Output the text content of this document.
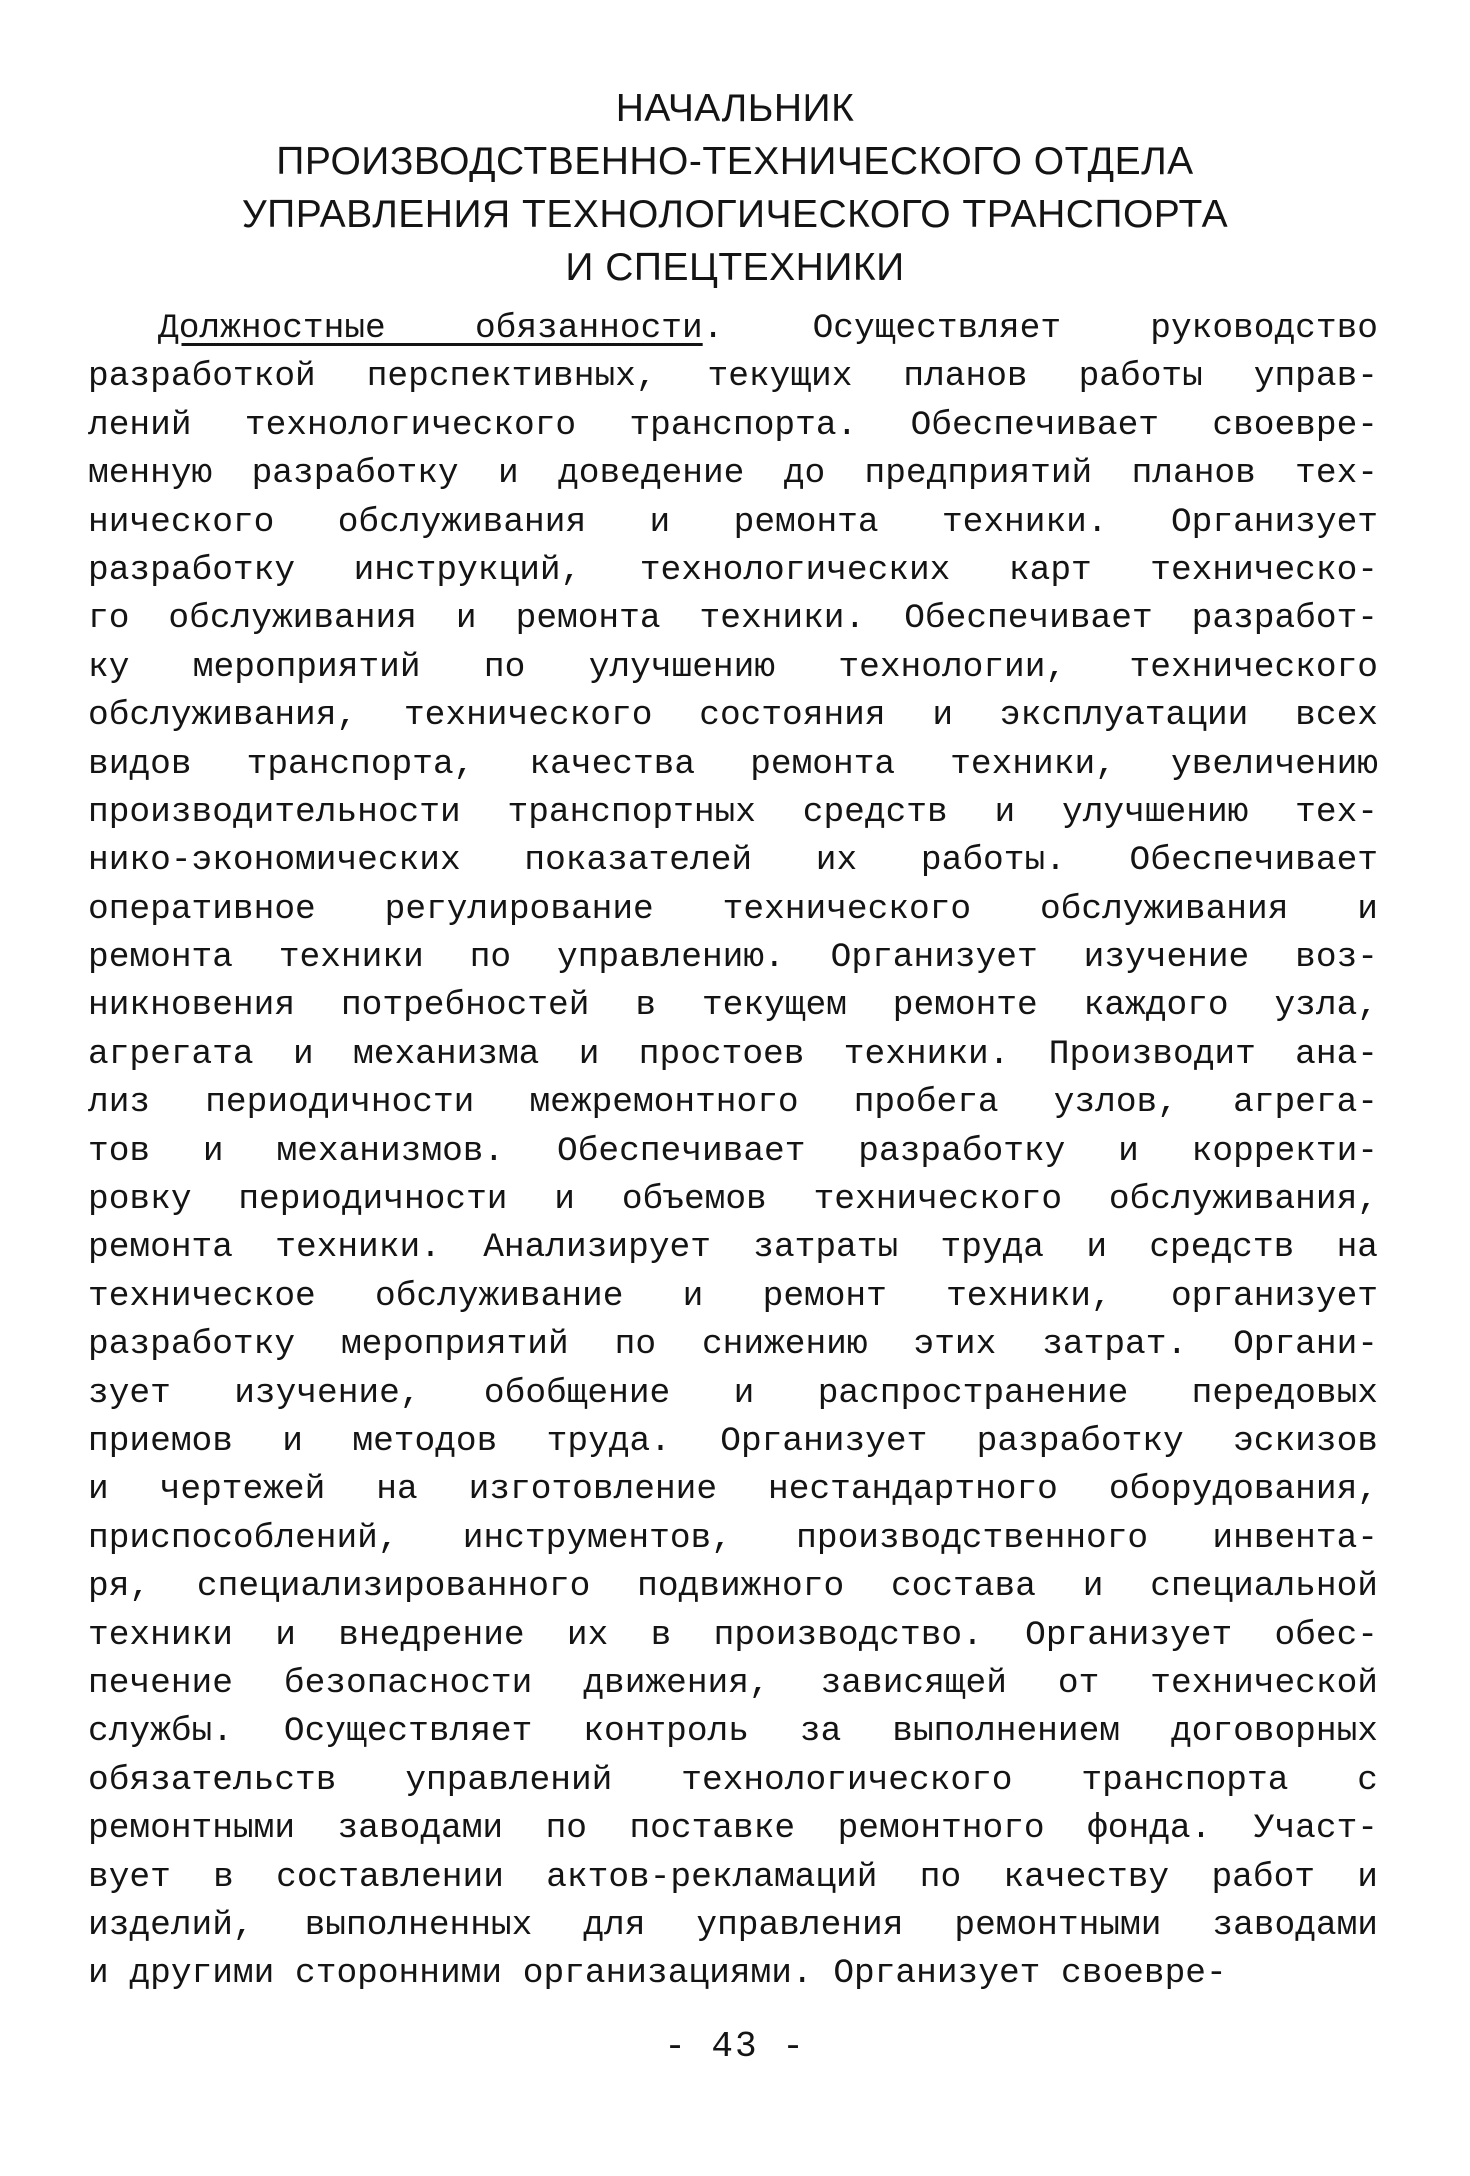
НАЧАЛЬНИК
ПРОИЗВОДСТВЕННО-ТЕХНИЧЕСКОГО ОТДЕЛА
УПРАВЛЕНИЯ ТЕХНОЛОГИЧЕСКОГО ТРАНСПОРТА
И СПЕЦТЕХНИКИ
Должностные обязанности. Осуществляет руководство
разработкой перспективных, текущих планов работы управ-
лений технологического транспорта. Обеспечивает своевре-
менную разработку и доведение до предприятий планов тех-
нического обслуживания и ремонта техники. Организует
разработку инструкций, технологических карт техническо-
го обслуживания и ремонта техники. Обеспечивает разработ-
ку мероприятий по улучшению технологии, технического
обслуживания, технического состояния и эксплуатации всех
видов транспорта, качества ремонта техники, увеличению
производительности транспортных средств и улучшению тех-
нико-экономических показателей их работы. Обеспечивает
оперативное регулирование технического обслуживания и
ремонта техники по управлению. Организует изучение воз-
никновения потребностей в текущем ремонте каждого узла,
агрегата и механизма и простоев техники. Производит ана-
лиз периодичности межремонтного пробега узлов, агрега-
тов и механизмов. Обеспечивает разработку и корректи-
ровку периодичности и объемов технического обслуживания,
ремонта техники. Анализирует затраты труда и средств на
техническое обслуживание и ремонт техники, организует
разработку мероприятий по снижению этих затрат. Органи-
зует изучение, обобщение и распространение передовых
приемов и методов труда. Организует разработку эскизов
и чертежей на изготовление нестандартного оборудования,
приспособлений, инструментов, производственного инвента-
ря, специализированного подвижного состава и специальной
техники и внедрение их в производство. Организует обес-
печение безопасности движения, зависящей от технической
службы. Осуществляет контроль за выполнением договорных
обязательств управлений технологического транспорта с
ремонтными заводами по поставке ремонтного фонда. Участ-
вует в составлении актов-рекламаций по качеству работ и
изделий, выполненных для управления ремонтными заводами
и другими сторонними организациями. Организует своевре-

- 43 -
